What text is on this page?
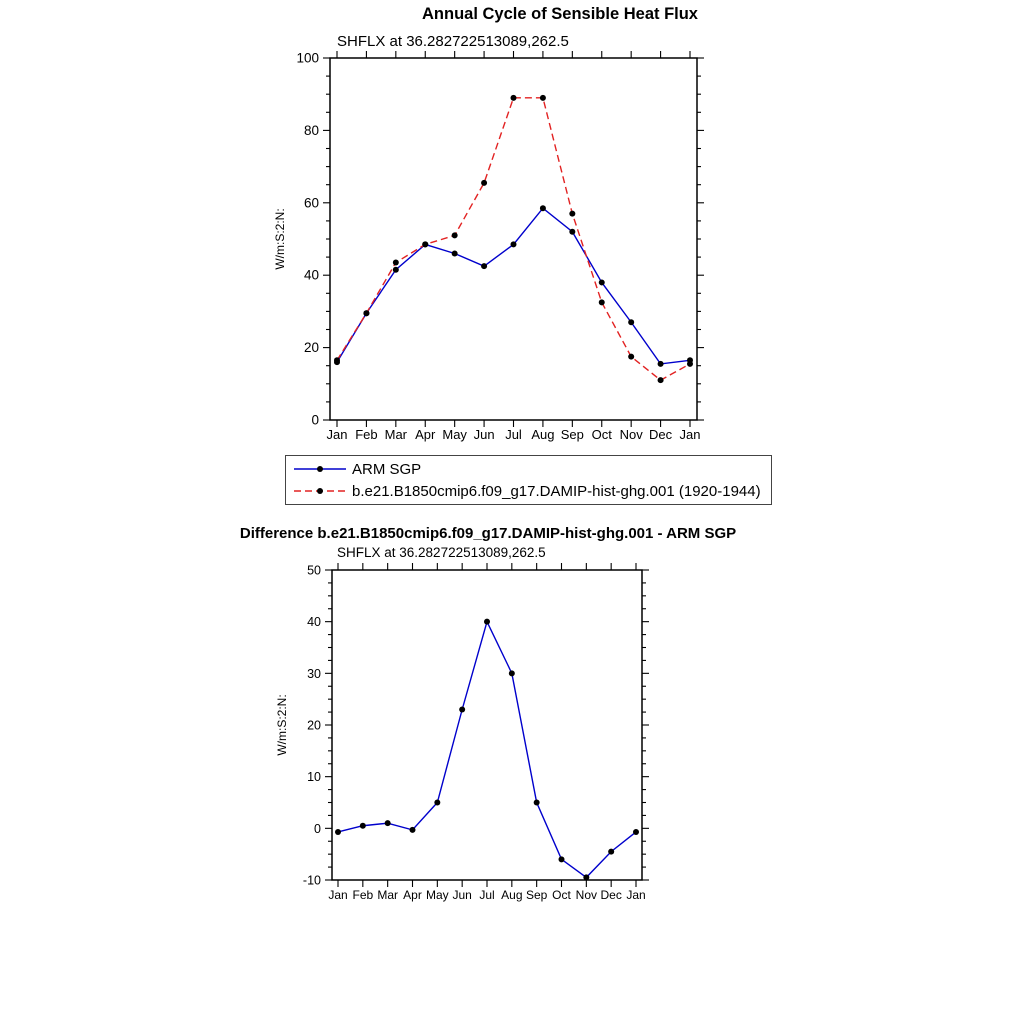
Annual Cycle of Sensible Heat Flux
SHFLX at 36.282722513089,262.5
0
20
40
60
80
100
Jan Feb Mar Apr May Jun Jul Aug Sep Oct Nov Dec Jan
W/m:S:2:N:
ARM SGP
b.e21.B1850cmip6.f09_g17.DAMIP-hist-ghg.001 (1920-1944)
Difference b.e21.B1850cmip6.f09_g17.DAMIP-hist-ghg.001 - ARM SGP
SHFLX at 36.282722513089,262.5
-10
0
10
20
30
40
50
Jan Feb Mar Apr May Jun Jul Aug Sep Oct Nov Dec Jan
W/m:S:2:N:
